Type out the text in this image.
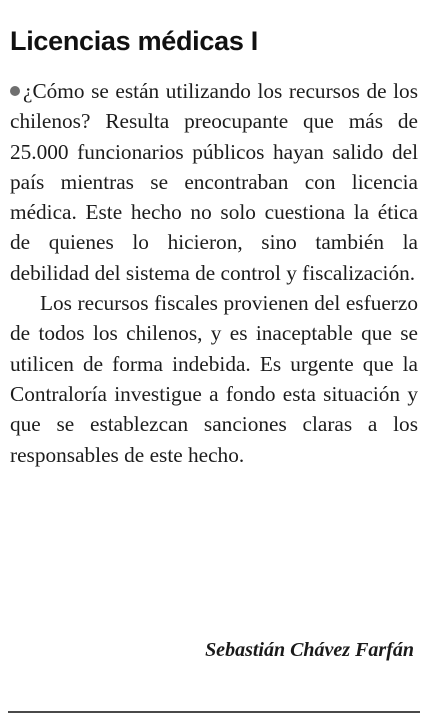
Licencias médicas I

¿Cómo se están utilizando los recursos de los chilenos? Resulta preocupante que más de 25.000 funcionarios públicos hayan salido del país mientras se encontraban con licencia médica. Este hecho no solo cuestiona la ética de quienes lo hicieron, sino también la debilidad del sistema de control y fiscalización.

Los recursos fiscales provienen del esfuerzo de todos los chilenos, y es inaceptable que se utilicen de forma indebida. Es urgente que la Contraloría investigue a fondo esta situación y que se establezcan sanciones claras a los responsables de este hecho.

Sebastián Chávez Farfán
